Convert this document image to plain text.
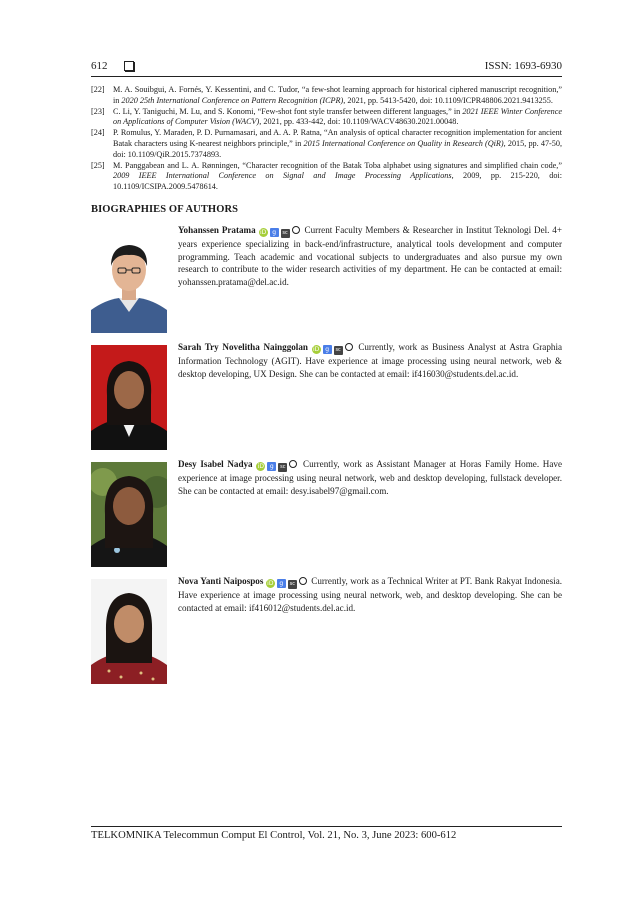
612	ISSN: 1693-6930
[22] M. A. Souibgui, A. Fornés, Y. Kessentini, and C. Tudor, “a few-shot learning approach for historical ciphered manuscript recognition,” in 2020 25th International Conference on Pattern Recognition (ICPR), 2021, pp. 5413-5420, doi: 10.1109/ICPR48806.2021.9413255.
[23] C. Li, Y. Taniguchi, M. Lu, and S. Konomi, “Few-shot font style transfer between different languages,” in 2021 IEEE Winter Conference on Applications of Computer Vision (WACV), 2021, pp. 433-442, doi: 10.1109/WACV48630.2021.00048.
[24] P. Romulus, Y. Maraden, P. D. Purnamasari, and A. A. P. Ratna, “An analysis of optical character recognition implementation for ancient Batak characters using K-nearest neighbors principle,” in 2015 International Conference on Quality in Research (QiR), 2015, pp. 47-50, doi: 10.1109/QiR.2015.7374893.
[25] M. Panggabean and L. A. Rønningen, “Character recognition of the Batak Toba alphabet using signatures and simplified chain code,” 2009 IEEE International Conference on Signal and Image Processing Applications, 2009, pp. 215-220, doi: 10.1109/ICSIPA.2009.5478614.
BIOGRAPHIES OF AUTHORS
Yohanssen Pratama iD g sc Current Faculty Members & Researcher in Institut Teknologi Del. 4+ years experience specializing in back-end/infrastructure, analytical tools development and computer programming. Teach academic and vocational subjects to undergraduates and also pursue my own research to contribute to the wider research activities of my department. He can be contacted at email: yohanssen.pratama@del.ac.id.
Sarah Try Novelitha Nainggolan iD g sc Currently, work as Business Analyst at Astra Graphia Information Technology (AGIT). Have experience at image processing using neural network, web & desktop developing, UX Design. She can be contacted at email: if416030@students.del.ac.id.
Desy Isabel Nadya iD g sc Currently, work as Assistant Manager at Horas Family Home. Have experience at image processing using neural network, web and desktop developing, fullstack developer. She can be contacted at email: desy.isabel97@gmail.com.
Nova Yanti Naipospos iD g sc Currently, work as a Technical Writer at PT. Bank Rakyat Indonesia. Have experience at image processing using neural network, web, and desktop developing. She can be contacted at email: if416012@students.del.ac.id.
TELKOMNIKA Telecommun Comput El Control, Vol. 21, No. 3, June 2023: 600-612
